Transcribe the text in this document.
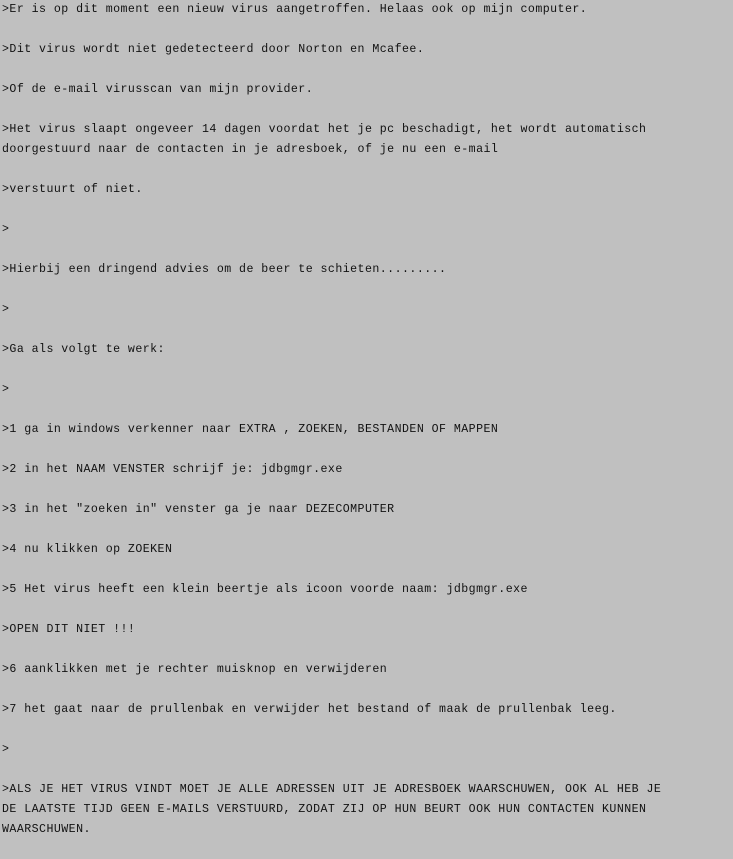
>Er is op dit moment een nieuw virus aangetroffen. Helaas ook op mijn computer.

>Dit virus wordt niet gedetecteerd door Norton en Mcafee.

>Of de e-mail virusscan van mijn provider.

>Het virus slaapt ongeveer 14 dagen voordat het je pc beschadigt, het wordt automatisch

doorgestuurd naar de contacten in je adresboek, of je nu een e-mail

>verstuurt of niet.

>

>Hierbij een dringend advies om de beer te schieten.........

>

>Ga als volgt te werk:

>

>1 ga in windows verkenner naar EXTRA , ZOEKEN, BESTANDEN OF MAPPEN

>2 in het NAAM VENSTER schrijf je: jdbgmgr.exe

>3 in het "zoeken in" venster ga je naar DEZECOMPUTER

>4 nu klikken op ZOEKEN

>5 Het virus heeft een klein beertje als icoon voorde naam: jdbgmgr.exe

>OPEN DIT NIET !!!

>6 aanklikken met je rechter muisknop en verwijderen

>7 het gaat naar de prullenbak en verwijder het bestand of maak de prullenbak leeg.

>

>ALS JE HET VIRUS VINDT MOET JE ALLE ADRESSEN UIT JE ADRESBOEK WAARSCHUWEN, OOK AL HEB JE

DE LAATSTE TIJD GEEN E-MAILS VERSTUURD, ZODAT ZIJ OP HUN BEURT OOK HUN CONTACTEN KUNNEN

WAARSCHUWEN.
